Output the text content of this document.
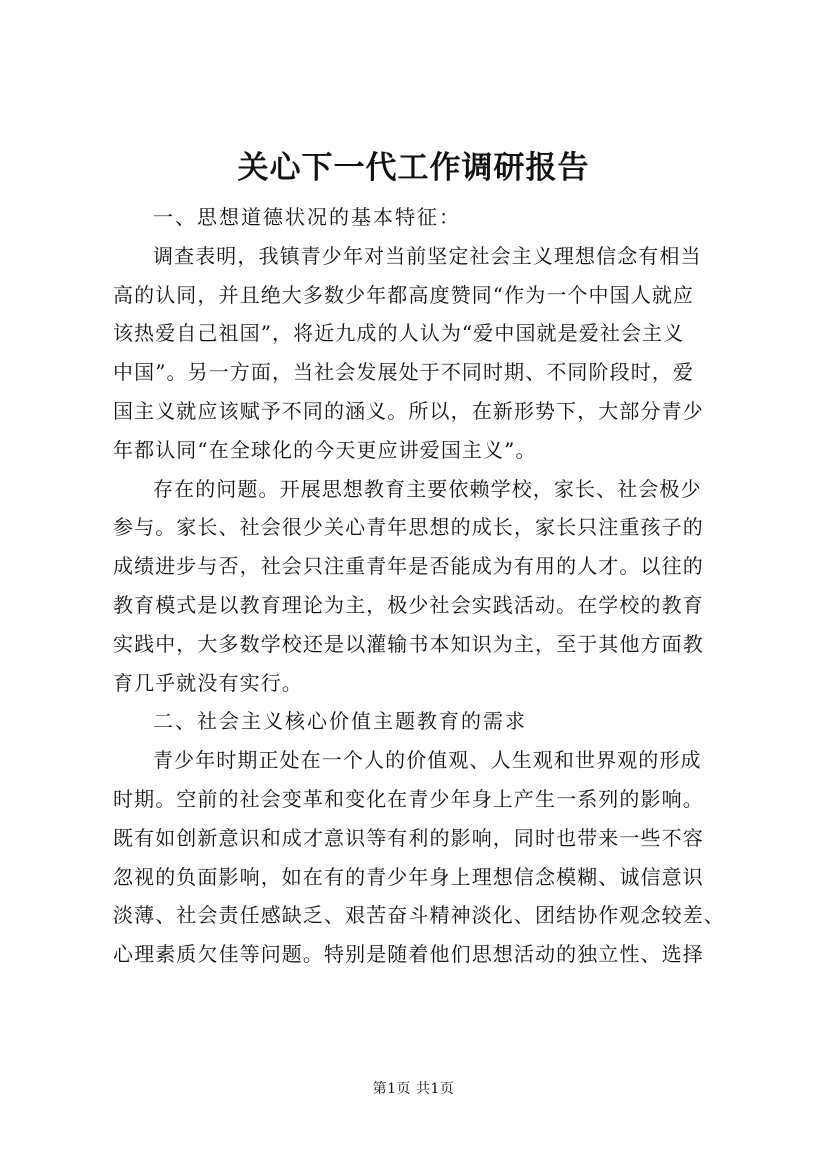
关心下一代工作调研报告
一、思想道德状况的基本特征：
调查表明，我镇青少年对当前坚定社会主义理想信念有相当
高的认同，并且绝大多数少年都高度赞同“作为一个中国人就应
该热爱自己祖国”，将近九成的人认为“爱中国就是爱社会主义
中国”。另一方面，当社会发展处于不同时期、不同阶段时，爱
国主义就应该赋予不同的涵义。所以，在新形势下，大部分青少
年都认同“在全球化的今天更应讲爱国主义”。
存在的问题。开展思想教育主要依赖学校，家长、社会极少
参与。家长、社会很少关心青年思想的成长，家长只注重孩子的
成绩进步与否，社会只注重青年是否能成为有用的人才。以往的
教育模式是以教育理论为主，极少社会实践活动。在学校的教育
实践中，大多数学校还是以灌输书本知识为主，至于其他方面教
育几乎就没有实行。
二、社会主义核心价值主题教育的需求
青少年时期正处在一个人的价值观、人生观和世界观的形成
时期。空前的社会变革和变化在青少年身上产生一系列的影响。
既有如创新意识和成才意识等有利的影响，同时也带来一些不容
忽视的负面影响，如在有的青少年身上理想信念模糊、诚信意识
淡薄、社会责任感缺乏、艰苦奋斗精神淡化、团结协作观念较差、
心理素质欠佳等问题。特别是随着他们思想活动的独立性、选择
第1页 共1页
